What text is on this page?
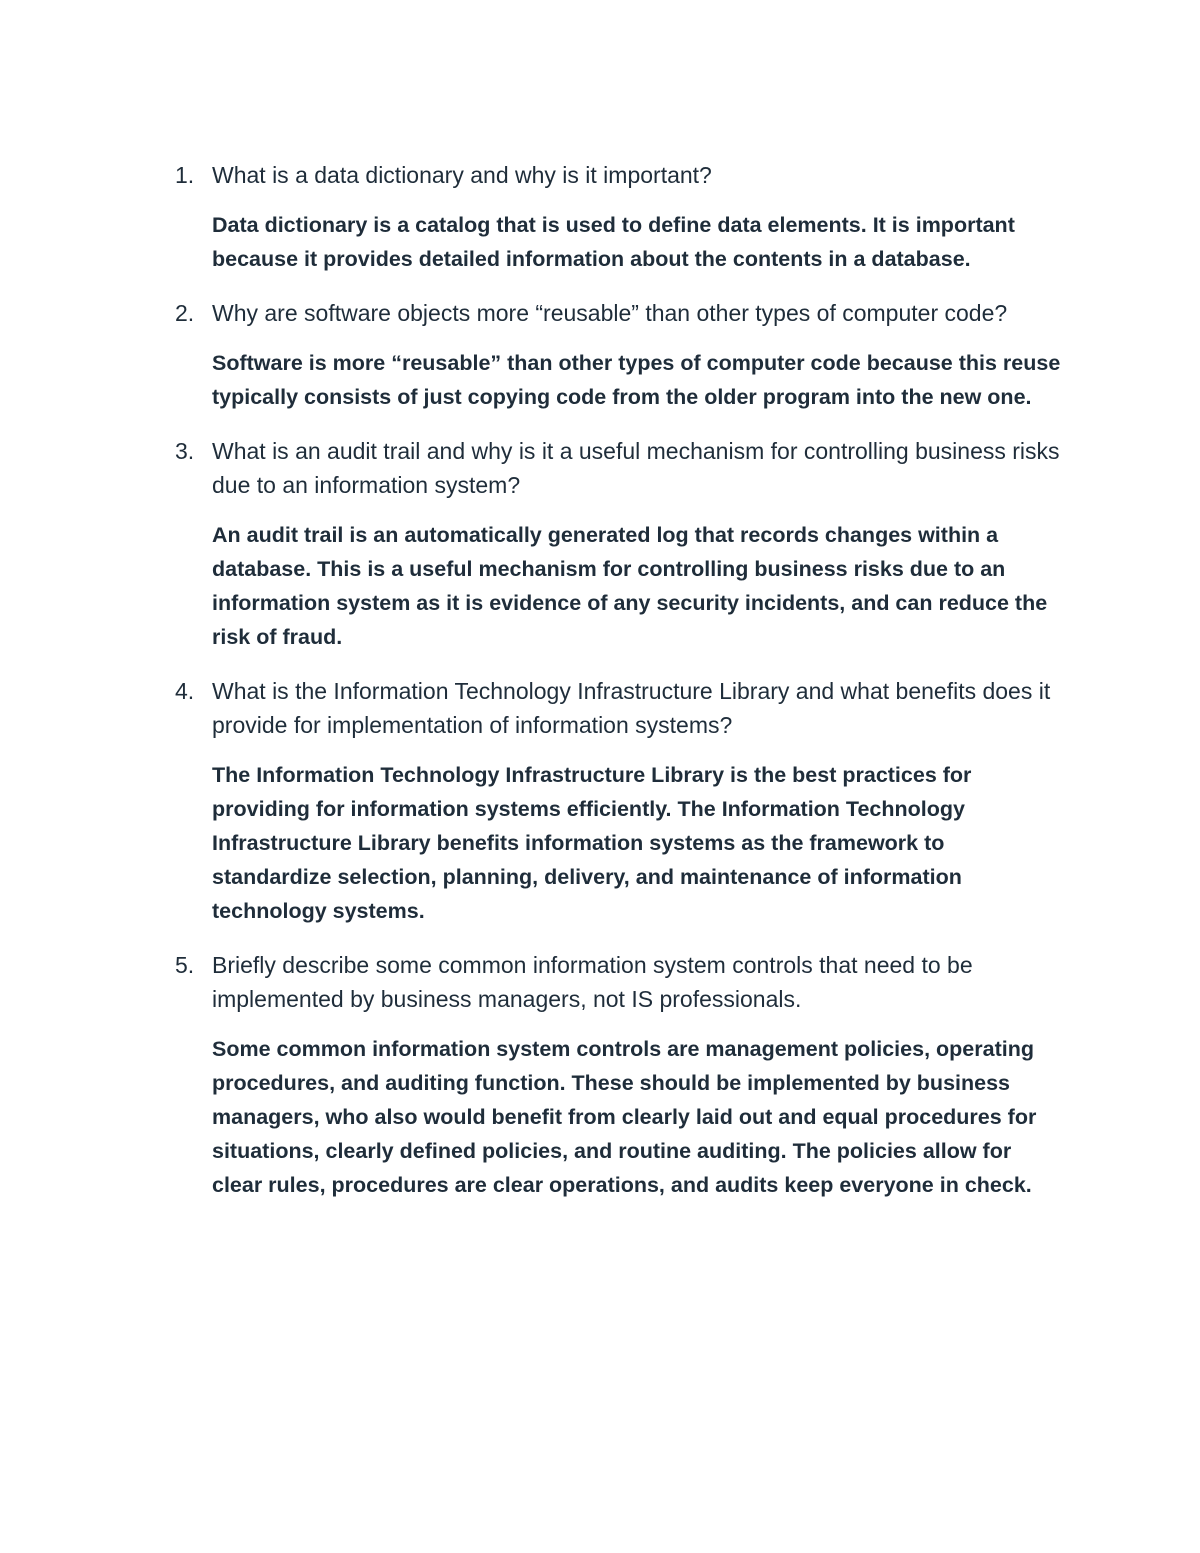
1. What is a data dictionary and why is it important?
Data dictionary is a catalog that is used to define data elements. It is important because it provides detailed information about the contents in a database.
2. Why are software objects more “reusable” than other types of computer code?
Software is more “reusable” than other types of computer code because this reuse typically consists of just copying code from the older program into the new one.
3. What is an audit trail and why is it a useful mechanism for controlling business risks due to an information system?
An audit trail is an automatically generated log that records changes within a database. This is a useful mechanism for controlling business risks due to an information system as it is evidence of any security incidents, and can reduce the risk of fraud.
4. What is the Information Technology Infrastructure Library and what benefits does it provide for implementation of information systems?
The Information Technology Infrastructure Library is the best practices for providing for information systems efficiently. The Information Technology Infrastructure Library benefits information systems as the framework to standardize selection, planning, delivery, and maintenance of information technology systems.
5. Briefly describe some common information system controls that need to be implemented by business managers, not IS professionals.
Some common information system controls are management policies, operating procedures, and auditing function. These should be implemented by business managers, who also would benefit from clearly laid out and equal procedures for situations, clearly defined policies, and routine auditing. The policies allow for clear rules, procedures are clear operations, and audits keep everyone in check.
